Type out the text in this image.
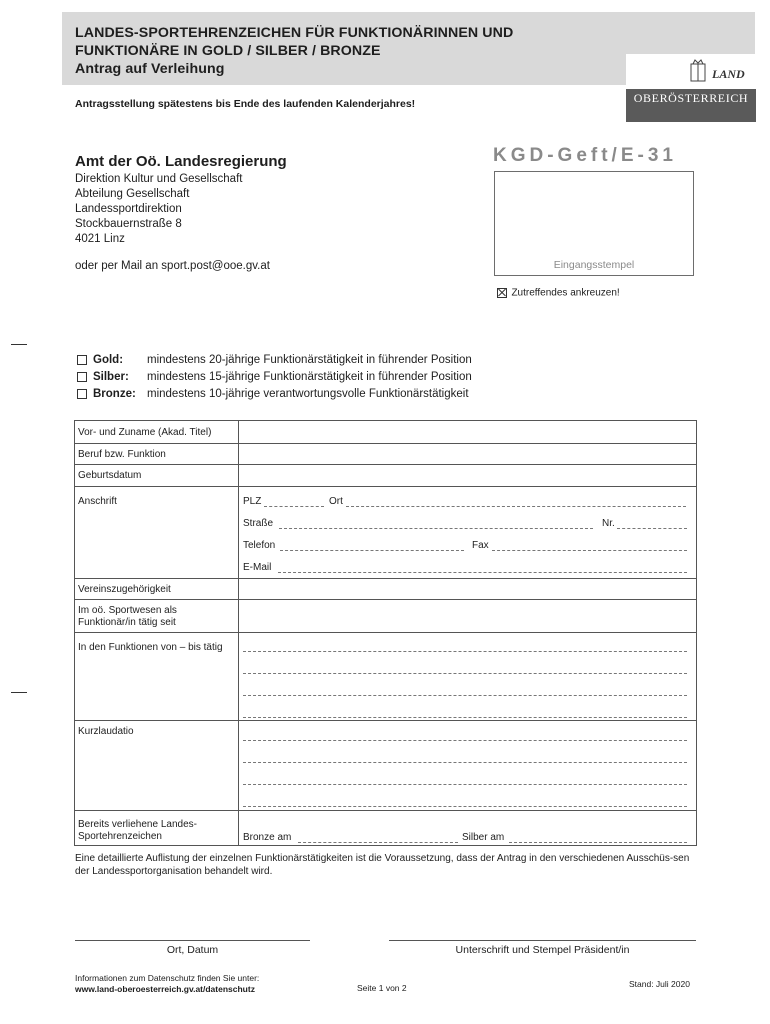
LANDES-SPORTEHRENZEICHEN FÜR FUNKTIONÄRINNEN UND
FUNKTIONÄRE IN GOLD / SILBER / BRONZE
Antrag auf Verleihung	LAND
OBERÖSTERREICH
Antragsstellung spätestens bis Ende des laufenden Kalenderjahres!
Amt der Oö. Landesregierung
Direktion Kultur und Gesellschaft
Abteilung Gesellschaft
Landessportdirektion
Stockbauernstraße 8
4021 Linz
oder per Mail an sport.post@ooe.gv.at
KGD-Geft/E-31
Eingangsstempel
Zutreffendes ankreuzen!
Gold: mindestens 20-jährige Funktionärstätigkeit in führender Position
Silber: mindestens 15-jährige Funktionärstätigkeit in führender Position
Bronze: mindestens 10-jährige verantwortungsvolle Funktionärstätigkeit
Vor- und Zuname (Akad. Titel)
Beruf bzw. Funktion
Geburtsdatum
Anschrift	PLZ	Ort
Straße	Nr.
Telefon	Fax
E-Mail
Vereinszugehörigkeit
Im oö. Sportwesen als
Funktionär/in tätig seit
In den Funktionen von – bis tätig
Kurzlaudatio
Bereits verliehene Landes-
Sportehrenzeichen	Bronze am	Silber am
Eine detaillierte Auflistung der einzelnen Funktionärstätigkeiten ist die Voraussetzung, dass der Antrag in den verschiedenen Ausschüs-sen der Landessportorganisation behandelt wird.
Ort, Datum	Unterschrift und Stempel Präsident/in
Informationen zum Datenschutz finden Sie unter:
www.land-oberoesterreich.gv.at/datenschutz	Seite 1 von 2	Stand: Juli 2020
